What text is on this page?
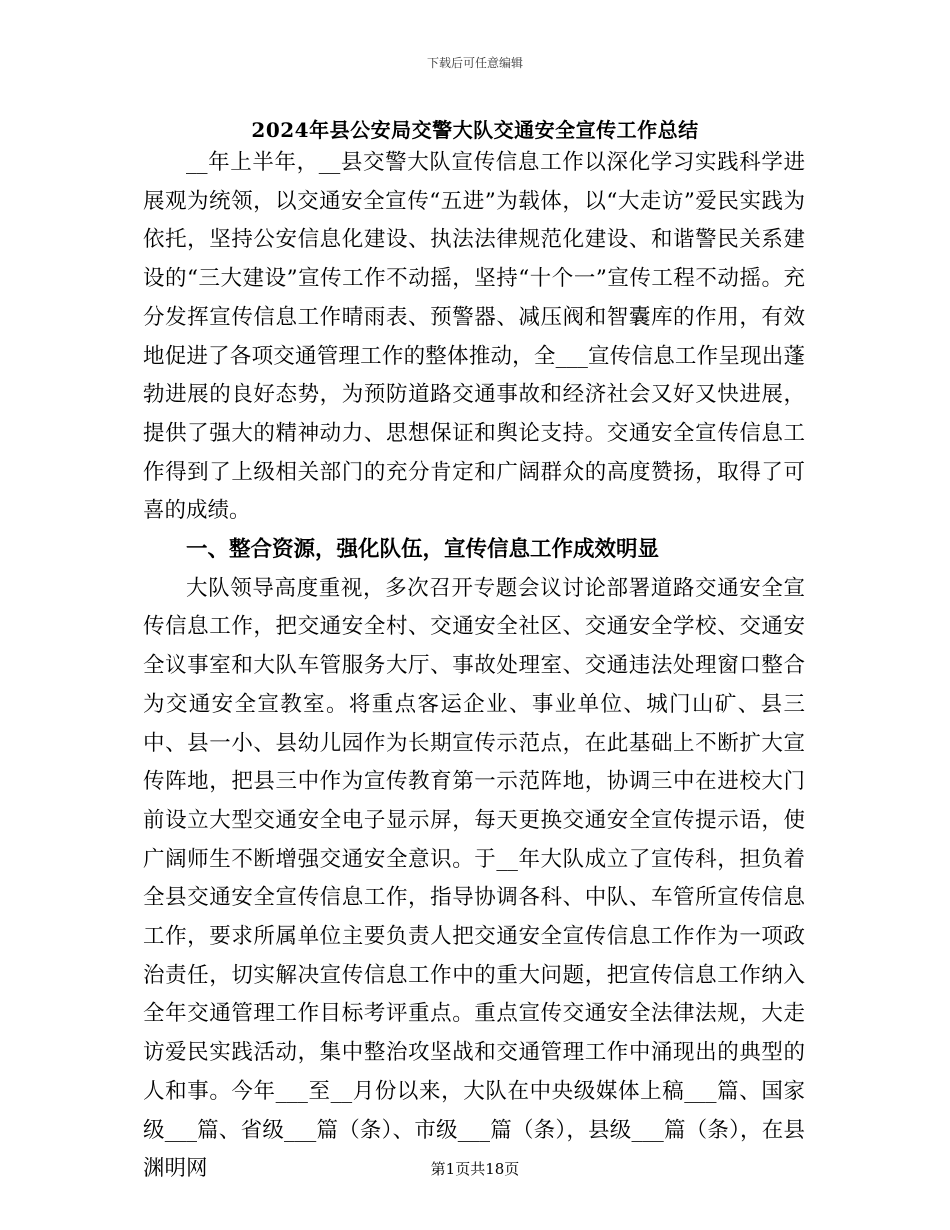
下载后可任意编辑
2024年县公安局交警大队交通安全宣传工作总结

__年上半年，__县交警大队宣传信息工作以深化学习实践科学进展观为统领，以交通安全宣传“五进”为载体，以“大走访”爱民实践为依托，坚持公安信息化建设、执法法律规范化建设、和谐警民关系建设的“三大建设”宣传工作不动摇，坚持“十个一”宣传工程不动摇。充分发挥宣传信息工作晴雨表、预警器、减压阀和智囊库的作用，有效地促进了各项交通管理工作的整体推动，全___宣传信息工作呈现出蓬勃进展的良好态势，为预防道路交通事故和经济社会又好又快进展，提供了强大的精神动力、思想保证和舆论支持。交通安全宣传信息工作得到了上级相关部门的充分肯定和广阔群众的高度赞扬，取得了可喜的成绩。

一、整合资源，强化队伍，宣传信息工作成效明显

大队领导高度重视，多次召开专题会议讨论部署道路交通安全宣传信息工作，把交通安全村、交通安全社区、交通安全学校、交通安全议事室和大队车管服务大厅、事故处理室、交通违法处理窗口整合为交通安全宣教室。将重点客运企业、事业单位、城门山矿、县三中、县一小、县幼儿园作为长期宣传示范点，在此基础上不断扩大宣传阵地，把县三中作为宣传教育第一示范阵地，协调三中在进校大门前设立大型交通安全电子显示屏，每天更换交通安全宣传提示语，使广阔师生不断增强交通安全意识。于__年大队成立了宣传科，担负着全县交通安全宣传信息工作，指导协调各科、中队、车管所宣传信息工作，要求所属单位主要负责人把交通安全宣传信息工作作为一项政治责任，切实解决宣传信息工作中的重大问题，把宣传信息工作纳入全年交通管理工作目标考评重点。重点宣传交通安全法律法规，大走访爱民实践活动，集中整治攻坚战和交通管理工作中涌现出的典型的人和事。今年___至__月份以来，大队在中央级媒体上稿___篇、国家级___篇、省级___篇（条）、市级___篇（条），县级___篇（条），在县渊明网	第1页共18页
